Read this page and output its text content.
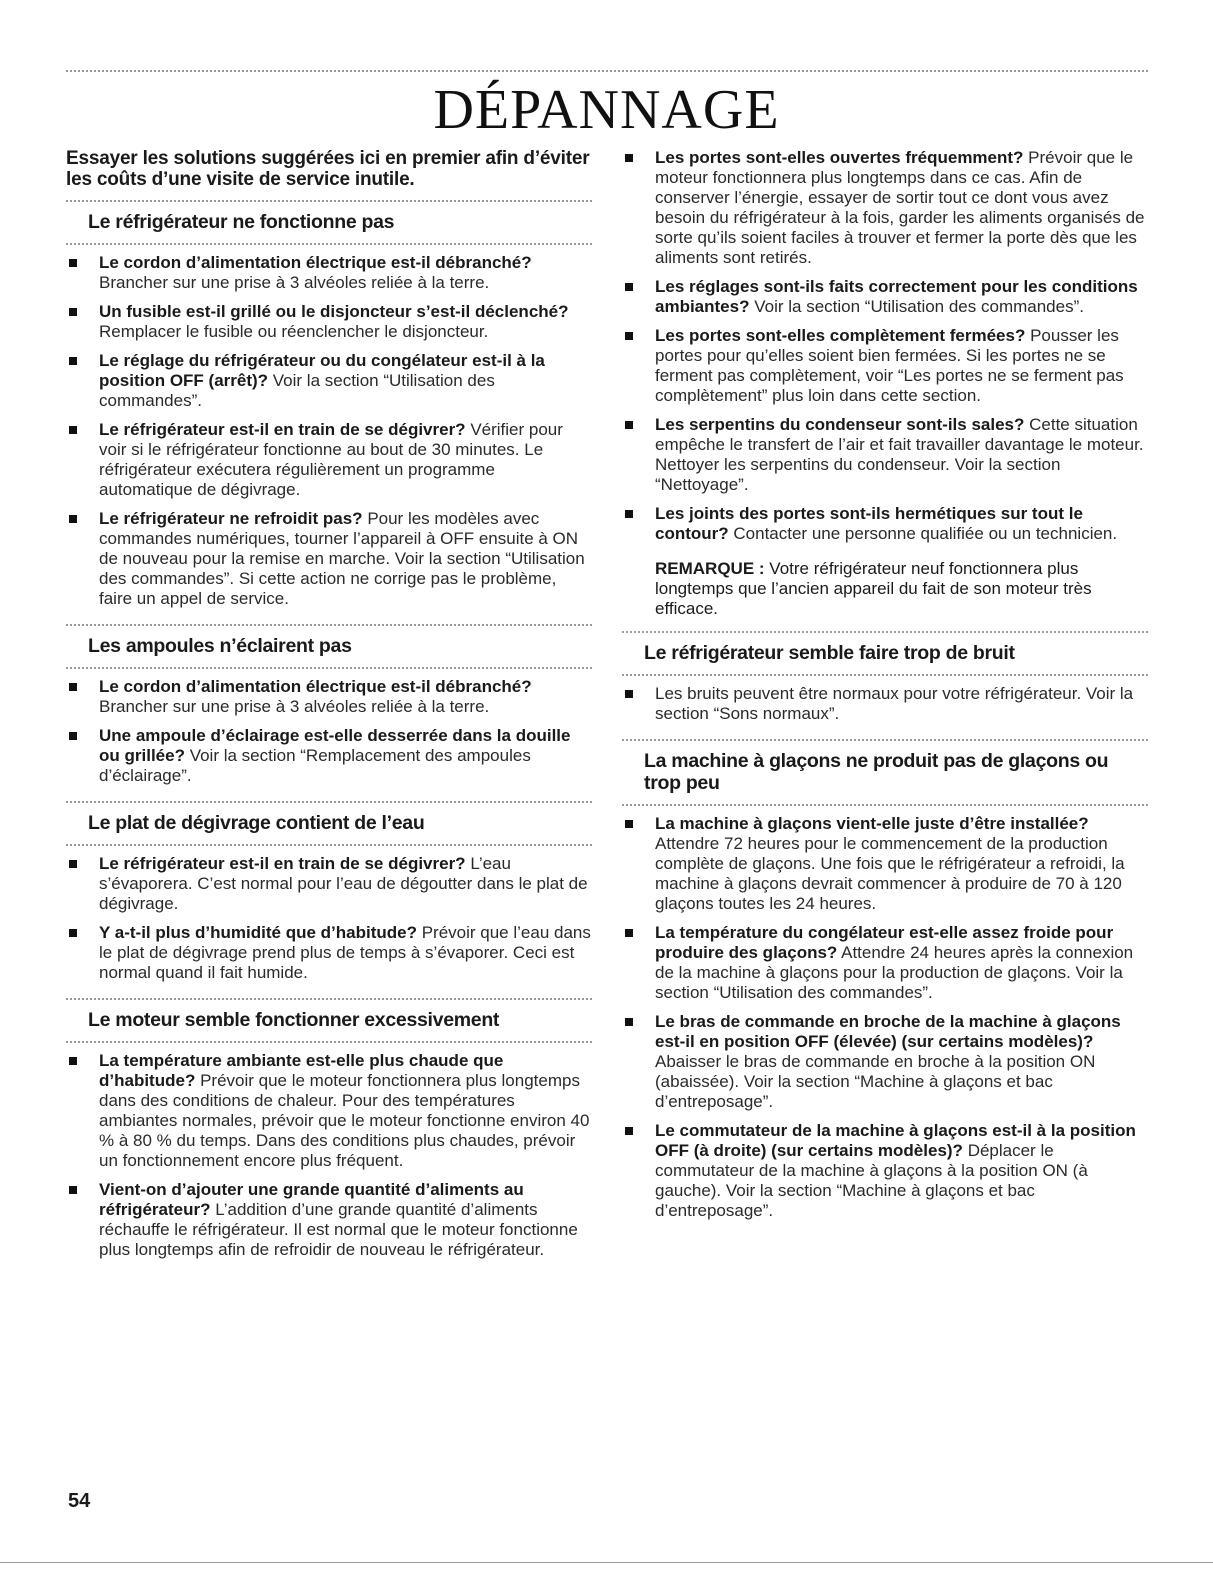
DÉPANNAGE

Essayer les solutions suggérées ici en premier afin d’éviter les coûts d’une visite de service inutile.

Le réfrigérateur ne fonctionne pas
Le cordon d’alimentation électrique est-il débranché? Brancher sur une prise à 3 alvéoles reliée à la terre.
Un fusible est-il grillé ou le disjoncteur s’est-il déclenché? Remplacer le fusible ou réenclencher le disjoncteur.
Le réglage du réfrigérateur ou du congélateur est-il à la position OFF (arrêt)? Voir la section “Utilisation des commandes”.
Le réfrigérateur est-il en train de se dégivrer? Vérifier pour voir si le réfrigérateur fonctionne au bout de 30 minutes. Le réfrigérateur exécutera régulièrement un programme automatique de dégivrage.
Le réfrigérateur ne refroidit pas? Pour les modèles avec commandes numériques, tourner l’appareil à OFF ensuite à ON de nouveau pour la remise en marche. Voir la section “Utilisation des commandes”. Si cette action ne corrige pas le problème, faire un appel de service.
Les ampoules n’éclairent pas
Le cordon d’alimentation électrique est-il débranché? Brancher sur une prise à 3 alvéoles reliée à la terre.
Une ampoule d’éclairage est-elle desserrée dans la douille ou grillée? Voir la section “Remplacement des ampoules d’éclairage”.
Le plat de dégivrage contient de l’eau
Le réfrigérateur est-il en train de se dégivrer? L’eau s’évaporera. C’est normal pour l’eau de dégoutter dans le plat de dégivrage.
Y a-t-il plus d’humidité que d’habitude? Prévoir que l’eau dans le plat de dégivrage prend plus de temps à s’évaporer. Ceci est normal quand il fait humide.
Le moteur semble fonctionner excessivement
La température ambiante est-elle plus chaude que d’habitude? Prévoir que le moteur fonctionnera plus longtemps dans des conditions de chaleur. Pour des températures ambiantes normales, prévoir que le moteur fonctionne environ 40 % à 80 % du temps. Dans des conditions plus chaudes, prévoir un fonctionnement encore plus fréquent.
Vient-on d’ajouter une grande quantité d’aliments au réfrigérateur? L’addition d’une grande quantité d’aliments réchauffe le réfrigérateur. Il est normal que le moteur fonctionne plus longtemps afin de refroidir de nouveau le réfrigérateur.
Les portes sont-elles ouvertes fréquemment? Prévoir que le moteur fonctionnera plus longtemps dans ce cas. Afin de conserver l’énergie, essayer de sortir tout ce dont vous avez besoin du réfrigérateur à la fois, garder les aliments organisés de sorte qu’ils soient faciles à trouver et fermer la porte dès que les aliments sont retirés.
Les réglages sont-ils faits correctement pour les conditions ambiantes? Voir la section “Utilisation des commandes”.
Les portes sont-elles complètement fermées? Pousser les portes pour qu’elles soient bien fermées. Si les portes ne se ferment pas complètement, voir “Les portes ne se ferment pas complètement” plus loin dans cette section.
Les serpentins du condenseur sont-ils sales? Cette situation empêche le transfert de l’air et fait travailler davantage le moteur. Nettoyer les serpentins du condenseur. Voir la section “Nettoyage”.
Les joints des portes sont-ils hermétiques sur tout le contour? Contacter une personne qualifiée ou un technicien.
REMARQUE : Votre réfrigérateur neuf fonctionnera plus longtemps que l’ancien appareil du fait de son moteur très efficace.
Le réfrigérateur semble faire trop de bruit
Les bruits peuvent être normaux pour votre réfrigérateur. Voir la section “Sons normaux”.
La machine à glaçons ne produit pas de glaçons ou trop peu
La machine à glaçons vient-elle juste d’être installée? Attendre 72 heures pour le commencement de la production complète de glaçons. Une fois que le réfrigérateur a refroidi, la machine à glaçons devrait commencer à produire de 70 à 120 glaçons toutes les 24 heures.
La température du congélateur est-elle assez froide pour produire des glaçons? Attendre 24 heures après la connexion de la machine à glaçons pour la production de glaçons. Voir la section “Utilisation des commandes”.
Le bras de commande en broche de la machine à glaçons est-il en position OFF (élevée) (sur certains modèles)? Abaisser le bras de commande en broche à la position ON (abaissée). Voir la section “Machine à glaçons et bac d’entreposage”.
Le commutateur de la machine à glaçons est-il à la position OFF (à droite) (sur certains modèles)? Déplacer le commutateur de la machine à glaçons à la position ON (à gauche). Voir la section “Machine à glaçons et bac d’entreposage”.
54
